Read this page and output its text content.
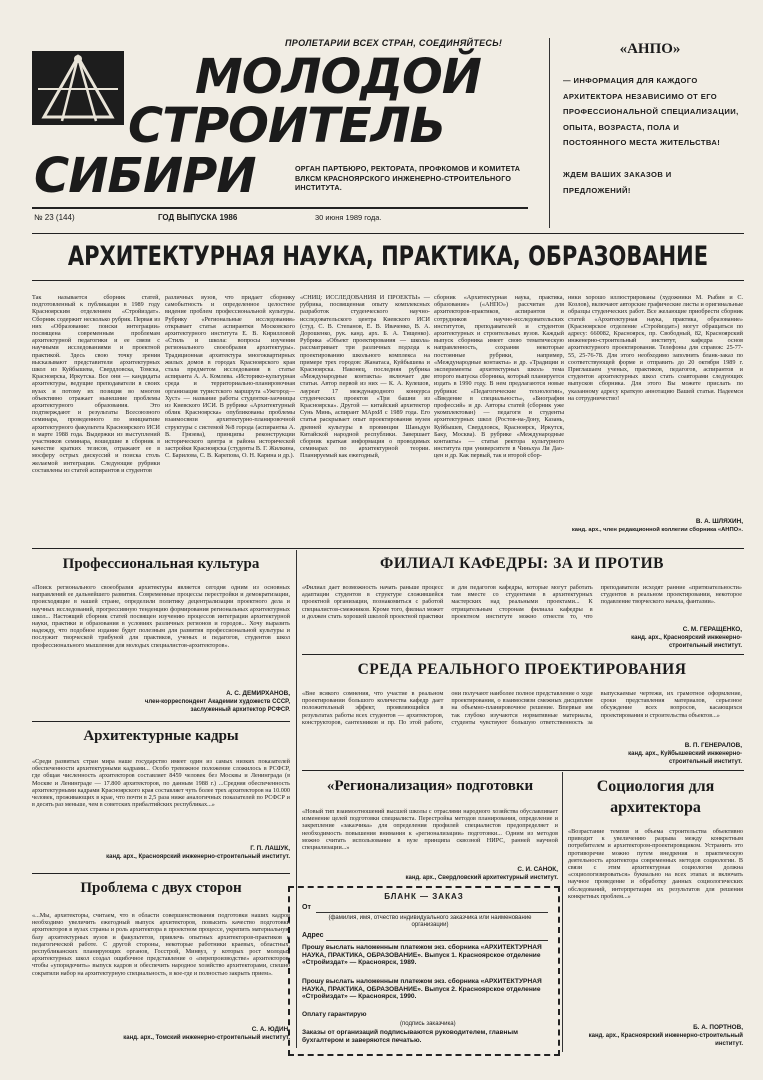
ПРОЛЕТАРИИ ВСЕХ СТРАН, СОЕДИНЯЙТЕСЬ!
МОЛОДОЙ
СТРОИТЕЛЬ
СИБИРИ	ОРГАН ПАРТБЮРО, РЕКТОРАТА, ПРОФКОМОВ И КОМИТЕТА ВЛКСМ КРАСНОЯРСКОГО ИНЖЕНЕРНО-СТРОИТЕЛЬНОГО ИНСТИТУТА.
№ 23 (144)	ГОД ВЫПУСКА 1986	30 июня 1989 года.
«АНПО»
— ИНФОРМАЦИЯ ДЛЯ КАЖДОГО АРХИТЕКТОРА НЕЗАВИСИМО ОТ ЕГО ПРОФЕССИОНАЛЬНОЙ СПЕЦИАЛИЗАЦИИ, ОПЫТА, ВОЗРАСТА, ПОЛА И ПОСТОЯННОГО МЕСТА ЖИТЕЛЬСТВА!
ЖДЕМ ВАШИХ ЗАКАЗОВ И ПРЕДЛОЖЕНИЙ!
АРХИТЕКТУРНАЯ НАУКА, ПРАКТИКА, ОБРАЗОВАНИЕ
Так называется сборник статей, подготовленный к публикации в 1989 году Красноярским отделением «Стройиздат». Сборник содержит несколько рубрик. Первая из них «Образование: поиски интеграции» посвящена современным проблемам архитектурной педагогики и ее связи с научными исследованиями и проектной практикой. Здесь свою точку зрения высказывают представители архитектурных школ из Куйбышева, Свердловска, Томска, Красноярска, Иркутска. Все они — кандидаты архитектуры, ведущие преподаватели в своих вузах и потому их позиция во многом объективно отражает нынешние проблемы архитектурного образования. Это подтверждают и результаты Всесоюзного семинара, проведенного по инициативе архитектурного факультета Красноярского ИСИ в марте 1988 года. Выдержки из выступлений участников семинара, вошедшие в сборник в качестве кратких тезисов, отражают ее в мосферу острых дискуссий и поиска столь желаемой интеграции. Следующие рубрики составлены из статей аспирантов и студентов
различных вузов, что придает сборнику самобытность и определенное целостное видение проблем профессиональной культуры. Рубрику «Региональные исследования» открывает статья аспирантки Московского архитектурного института Е. В. Кирилловой «Стиль и школа: вопросы изучения регионального своеобразия архитектуры». Традиционная архитектура многоквартирных жилых домов в городах Красноярского края стала предметом исследования в статье аспиранта А. А. Комлева. «Историко-культурная среда и территориально-планировочная организация туристского маршрута «Ужгород—Хуст» — название работы студентки-заочницы из Киевского ИСИ. В рубрике «Архитектурный облик Красноярска» опубликованы проблемы взаимосвязи архитектурно-планировочной структуры с системой №8 города (аспирантка А. В. Грязева), принципы реконструкции исторического центра и района исторической застройки Красноярска (студенты В. Г. Жилкина, С. Барилова, С. В. Карепова, О. Н. Карина и др.).
«СНИЦ: ИССЛЕДОВАНИЯ И ПРОЕКТЫ» — рубрика, посвященная опыту комплексных разработок студенческого научно-исследовательского центра Киевского ИСИ (студ. С. В. Степанов, Е. В. Иваченко, В. А. Дорошенко, рук. канд. арх. Б. А. Тищенко). Рубрика «Объект проектирования — школа» рассматривает три различных подхода к проектированию школьного комплекса на примере трех городов: Жанатаса, Куйбышева и Красноярска. Наконец, последняя рубрика «Международные контакты» включает две статьи. Автор первой из них — К. А. Кулешов, лауреат 17 международного конкурса студенческих проектов «Три башни из Красноярска». Другой — китайский архитектор Сунь Минь, аспирант МАрхИ с 1989 года. Его статья раскрывает опыт проектирования музея древней культуры в провинции Шаньдун Китайской народной республики. Завершает сборник краткая информация о проводимых семинарах по архитектурной теории. Планируемый как ежегодный,
сборник «Архитектурная наука, практика, образование» («АНПО») рассчитан для архитекторов-практиков, аспирантов и сотрудников научно-исследовательских институтов, преподавателей и студентов архитектурных и строительных вузов. Каждый выпуск сборника имеет свою тематическую направленность, сохраняя некоторые постоянные рубрики, например, «Международные контакты» и др. «Традиции и эксперименты архитектурных школ» тема второго выпуска сборника, который планируется издать в 1990 году. В нем предлагаются новые рубрики: «Педагогические технологии», «Введение в специальность», «Биография профессий» и др. Авторы статей (сборник уже укомплектован) — педагоги и студенты архитектурных школ (Ростов-на-Дону, Казань, Куйбышев, Свердловск, Красноярск, Иркутск, Баку, Москва). В рубрике «Международные контакты» — статья ректора культурного института при университете в Чиньхуа Ли Дао-цен и др. Как первый, так и второй сбор-
ники хорошо иллюстрированы (художники М. Рыбин и С. Козлов), включают авторские графические листы и оригинальные образцы студенческих работ. Все желающие приобрести сборник статей «Архитектурная наука, практика, образование» (Красноярское отделение «Стройиздат») могут обращаться по адресу: 660082, Красноярск, пр. Свободный, 82, Красноярский инженерно-строительный институт, кафедра основ архитектурного проектирования. Телефоны для справок: 25-77-55, 25-76-78. Для этого необходимо заполнить бланк-заказ по соответствующей форме и отправить до 20 октября 1989 г. Приглашаем ученых, практиков, педагогов, аспирантов и студентов архитектурных школ стать соавторами следующих выпусков сборника. Для этого Вы можете прислать по указанному адресу краткую аннотацию Вашей статьи. Надеемся на сотрудничество!
В. А. ШЛЯХИН,
канд. арх., член редакционной коллегии сборника «АНПО».
Профессиональная культура
«Поиск регионального своеобразия архитектуры является сегодня одним из основных направлений ее дальнейшего развития. Современные процессы перестройки и демократизации, происходящие в нашей стране, определили политику децентрализации проектного дела и научных исследований, прогрессивную тенденцию формирования региональных архитектурных школ... Настоящий сборник статей посвящен изучению процессов интеграции архитектурной науки, практики и образования в условиях различных регионов и городов... Хочу выразить надежду, что подобное издание будет полезным для развития профессиональной культуры и послужит творческой трибуной для практиков, ученых и педагогов, студентов школ профессионального мышления для молодых специалистов-архитекторов».
А. С. ДЕМИРХАНОВ,
член-корреспондент Академии художеств СССР, заслуженный архитектор РСФСР.
Архитектурные кадры
«Среди развитых стран мира наше государство имеет один из самых низких показателей обеспеченности архитектурными кадрами... Особо тревожное положение сложилось в РСФСР, где общая численность архитекторов составляет 8459 человек без Москвы и Ленинграда (в Москве и Ленинграде — 17.800 архитекторов, по данным 1988 г.) ...Средняя обеспеченность архитектурными кадрами Красноярского края составляет чуть более трех архитекторов на 10.000 человек, проживающих в крае, что почти в 2,5 раза ниже аналогичных показателей по РСФСР и в десять раз меньше, чем в советских прибалтийских республиках...»
Г. П. ЛАШУК,
канд. арх., Красноярский инженерно-строительный институт.
Проблема с двух сторон
«...Мы, архитекторы, считаем, что в области совершенствования подготовки наших кадров необходимо увеличить ежегодный выпуск архитекторов, повысить качество подготовки архитекторов в вузах страны и роль архитектора в проектном процессе, укрепить материальную базу архитектурных вузов и факультетов, привлечь опытных архитекторов-практиков к педагогической работе. С другой стороны, некоторые работники краевых, областных, республиканских планирующих органов, Госстрой, Минвуз, у которых рост молодых архитектурных школ создал ощибочное представление о «перепроизводстве» архитекторов, чтобы «упорядочить» выпуск кадров и обеспечить народное хозяйство архитекторами, спешно сократили набор на архитектурную специальность, в кое-где и полностью закрыть прием».
С. А. ЮДИН,
канд. арх., Томский инженерно-строительный институт.
ФИЛИАЛ КАФЕДРЫ: ЗА И ПРОТИВ
«Филиал дает возможность начать раньше процесс адаптации студентов в структуре сложившейся проектной организации, познакомиться с работой специалистов-смежников. Кроме того, филиал может и должен стать хорошей школой проектной практики и для педагогов кафедры, которые могут работать там вместе со студентами в архитектурных мастерских над реальными проектами... К отрицательным сторонам филиала кафедры в проектном институте можно отнести то, что преподаватели исходят ранние «притязательности» студентов в реальном проектировании, некоторое подавление творческого начала, фантазии».
С. М. ГЕРАЩЕНКО,
канд. арх., Красноярский инженерно-строительный институт.
СРЕДА РЕАЛЬНОГО ПРОЕКТИРОВАНИЯ
«Вне всякого сомнения, что участие в реальном проектировании большого количества кафедр дает положительный эффект, проявляющийся в результатах работы всех студентов — архитекторов, конструкторов, сантехников и пр. По этой работе, они получают наиболее полное представление о ходе проектирования, о взаимосвязи смежных дисциплин на объемно-планировочное решение. Впервые им так глубоко изучаются нормативные материалы, студенты чувствуют большую ответственность за выпускаемые чертежи, их грамотное оформление, сроки представления материалов, серьезное обсуждение всех вопросов, касающихся проектирования и строительства объектов...»
В. П. ГЕНЕРАЛОВ,
канд. арх., Куйбышевский инженерно-строительный институт.
«Регионализация» подготовки
«Новый тип взаимоотношений высшей школы с отраслями народного хозяйства обуславливает изменение целей подготовки специалиста. Перестройка методов планирования, определение и закрепление «заказчика» для определения профилей специалистов предопределяет и необходимость повышения внимания к «регионализации» подготовки... Одним из методов можно считать использование в вузе принципа сквозной НИРС, ранней научной специализации...»
С. И. САНОК,
канд. арх., Свердловский архитектурный институт.
БЛАНК — ЗАКАЗ
От
(фамилия, имя, отчество индивидуального заказчика или наименование организации)
Адрес
Прошу выслать наложенным платежом экз. сборника «АРХИТЕКТУРНАЯ НАУКА, ПРАКТИКА, ОБРАЗОВАНИЕ». Выпуск 1. Красноярское отделение «Стройиздат» — Красноярск, 1989.
Прошу выслать наложенным платежом экз. сборника «АРХИТЕКТУРНАЯ НАУКА, ПРАКТИКА, ОБРАЗОВАНИЕ». Выпуск 2. Красноярское отделение «Стройиздат» — Красноярск, 1990.
Оплату гарантирую
(подпись заказчика)
Заказы от организаций подписываются руководителем, главным бухгалтером и заверяются печатью.
Социология для архитектора
«Возрастание темпов и объема строительства объективно приводит к увеличению разрыва между конкретным потребителем и архитектором-проектировщиком. Устранить это противоречие можно путем внедрения в практическую деятельность архитектора современных методов социологии. В связи с этим архитектурная социология должна «социологизироваться» буквально на всех этапах и включать научное проведение и обработку данных социологических обследований, интерпретации их результатов для решения конкретных проблем...»
Б. А. ПОРТНОВ,
канд. арх., Красноярский инженерно-строительный институт.
